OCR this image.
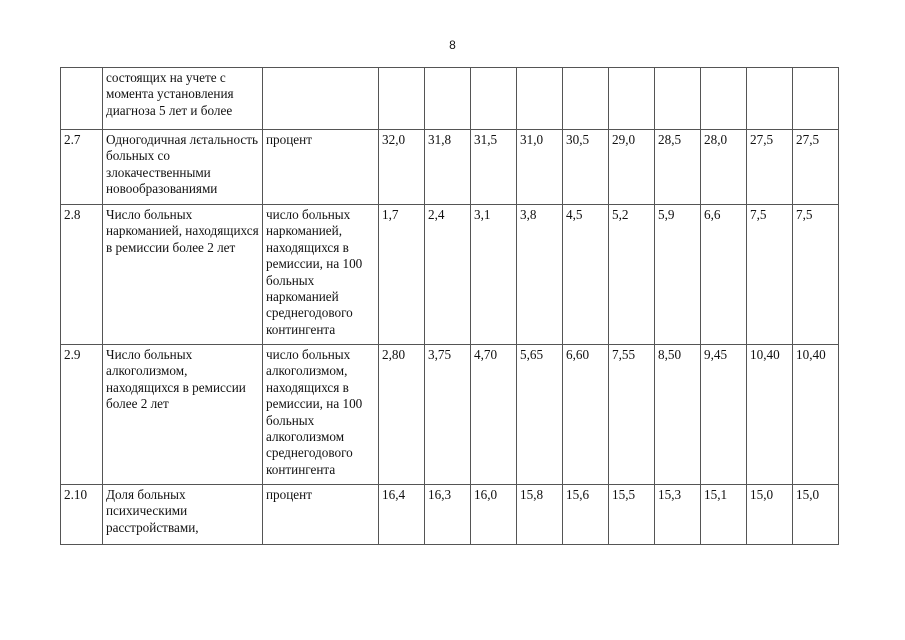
8
	состоящих на учете с момента установления диагноза 5 лет и более											
2.7	Одногодичная лєтальность больных со злокачественными новообразованиями	процент	32,0	31,8	31,5	31,0	30,5	29,0	28,5	28,0	27,5	27,5
2.8	Число больных наркоманией, находящихся в ремиссии более 2 лет	число больных наркоманией, находящихся в ремиссии, на 100 больных наркоманией среднегодового контингента	1,7	2,4	3,1	3,8	4,5	5,2	5,9	6,6	7,5	7,5
2.9	Число больных алкоголизмом, находящихся в ремиссии более 2 лет	число больных алкоголизмом, находящихся в ремиссии, на 100 больных алкоголизмом среднегодового контингента	2,80	3,75	4,70	5,65	6,60	7,55	8,50	9,45	10,40	10,40
2.10	Доля больных психическими расстройствами,	процент	16,4	16,3	16,0	15,8	15,6	15,5	15,3	15,1	15,0	15,0
